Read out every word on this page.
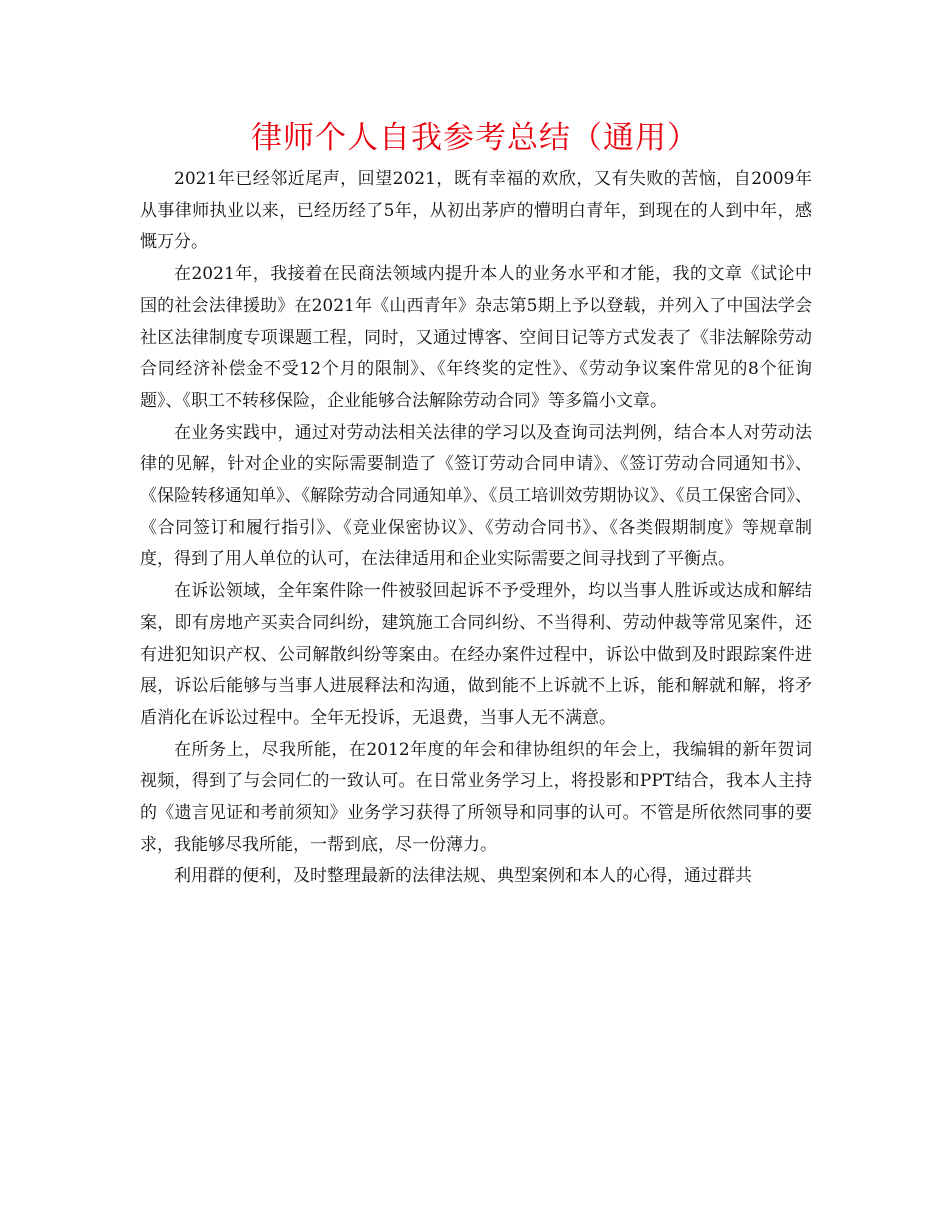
律师个人自我参考总结（通用）

2021年已经邻近尾声，回望2021，既有幸福的欢欣，又有失败的苦恼，自2009年从事律师执业以来，已经历经了5年，从初出茅庐的懵明白青年，到现在的人到中年，感慨万分。

在2021年，我接着在民商法领域内提升本人的业务水平和才能，我的文章《试论中国的社会法律援助》在2021年《山西青年》杂志第5期上予以登载，并列入了中国法学会社区法律制度专项课题工程，同时，又通过博客、空间日记等方式发表了《非法解除劳动合同经济补偿金不受12个月的限制》、《年终奖的定性》、《劳动争议案件常见的8个征询题》、《职工不转移保险，企业能够合法解除劳动合同》等多篇小文章。

在业务实践中，通过对劳动法相关法律的学习以及查询司法判例，结合本人对劳动法律的见解，针对企业的实际需要制造了《签订劳动合同申请》、《签订劳动合同通知书》、《保险转移通知单》、《解除劳动合同通知单》、《员工培训效劳期协议》、《员工保密合同》、《合同签订和履行指引》、《竞业保密协议》、《劳动合同书》、《各类假期制度》等规章制度，得到了用人单位的认可，在法律适用和企业实际需要之间寻找到了平衡点。

在诉讼领域，全年案件除一件被驳回起诉不予受理外，均以当事人胜诉或达成和解结案，即有房地产买卖合同纠纷，建筑施工合同纠纷、不当得利、劳动仲裁等常见案件，还有进犯知识产权、公司解散纠纷等案由。在经办案件过程中，诉讼中做到及时跟踪案件进展，诉讼后能够与当事人进展释法和沟通，做到能不上诉就不上诉，能和解就和解，将矛盾消化在诉讼过程中。全年无投诉，无退费，当事人无不满意。

在所务上，尽我所能，在2012年度的年会和律协组织的年会上，我编辑的新年贺词视频，得到了与会同仁的一致认可。在日常业务学习上，将投影和PPT结合，我本人主持的《遗言见证和考前须知》业务学习获得了所领导和同事的认可。不管是所依然同事的要求，我能够尽我所能，一帮到底，尽一份薄力。

利用群的便利，及时整理最新的法律法规、典型案例和本人的心得，通过群共
